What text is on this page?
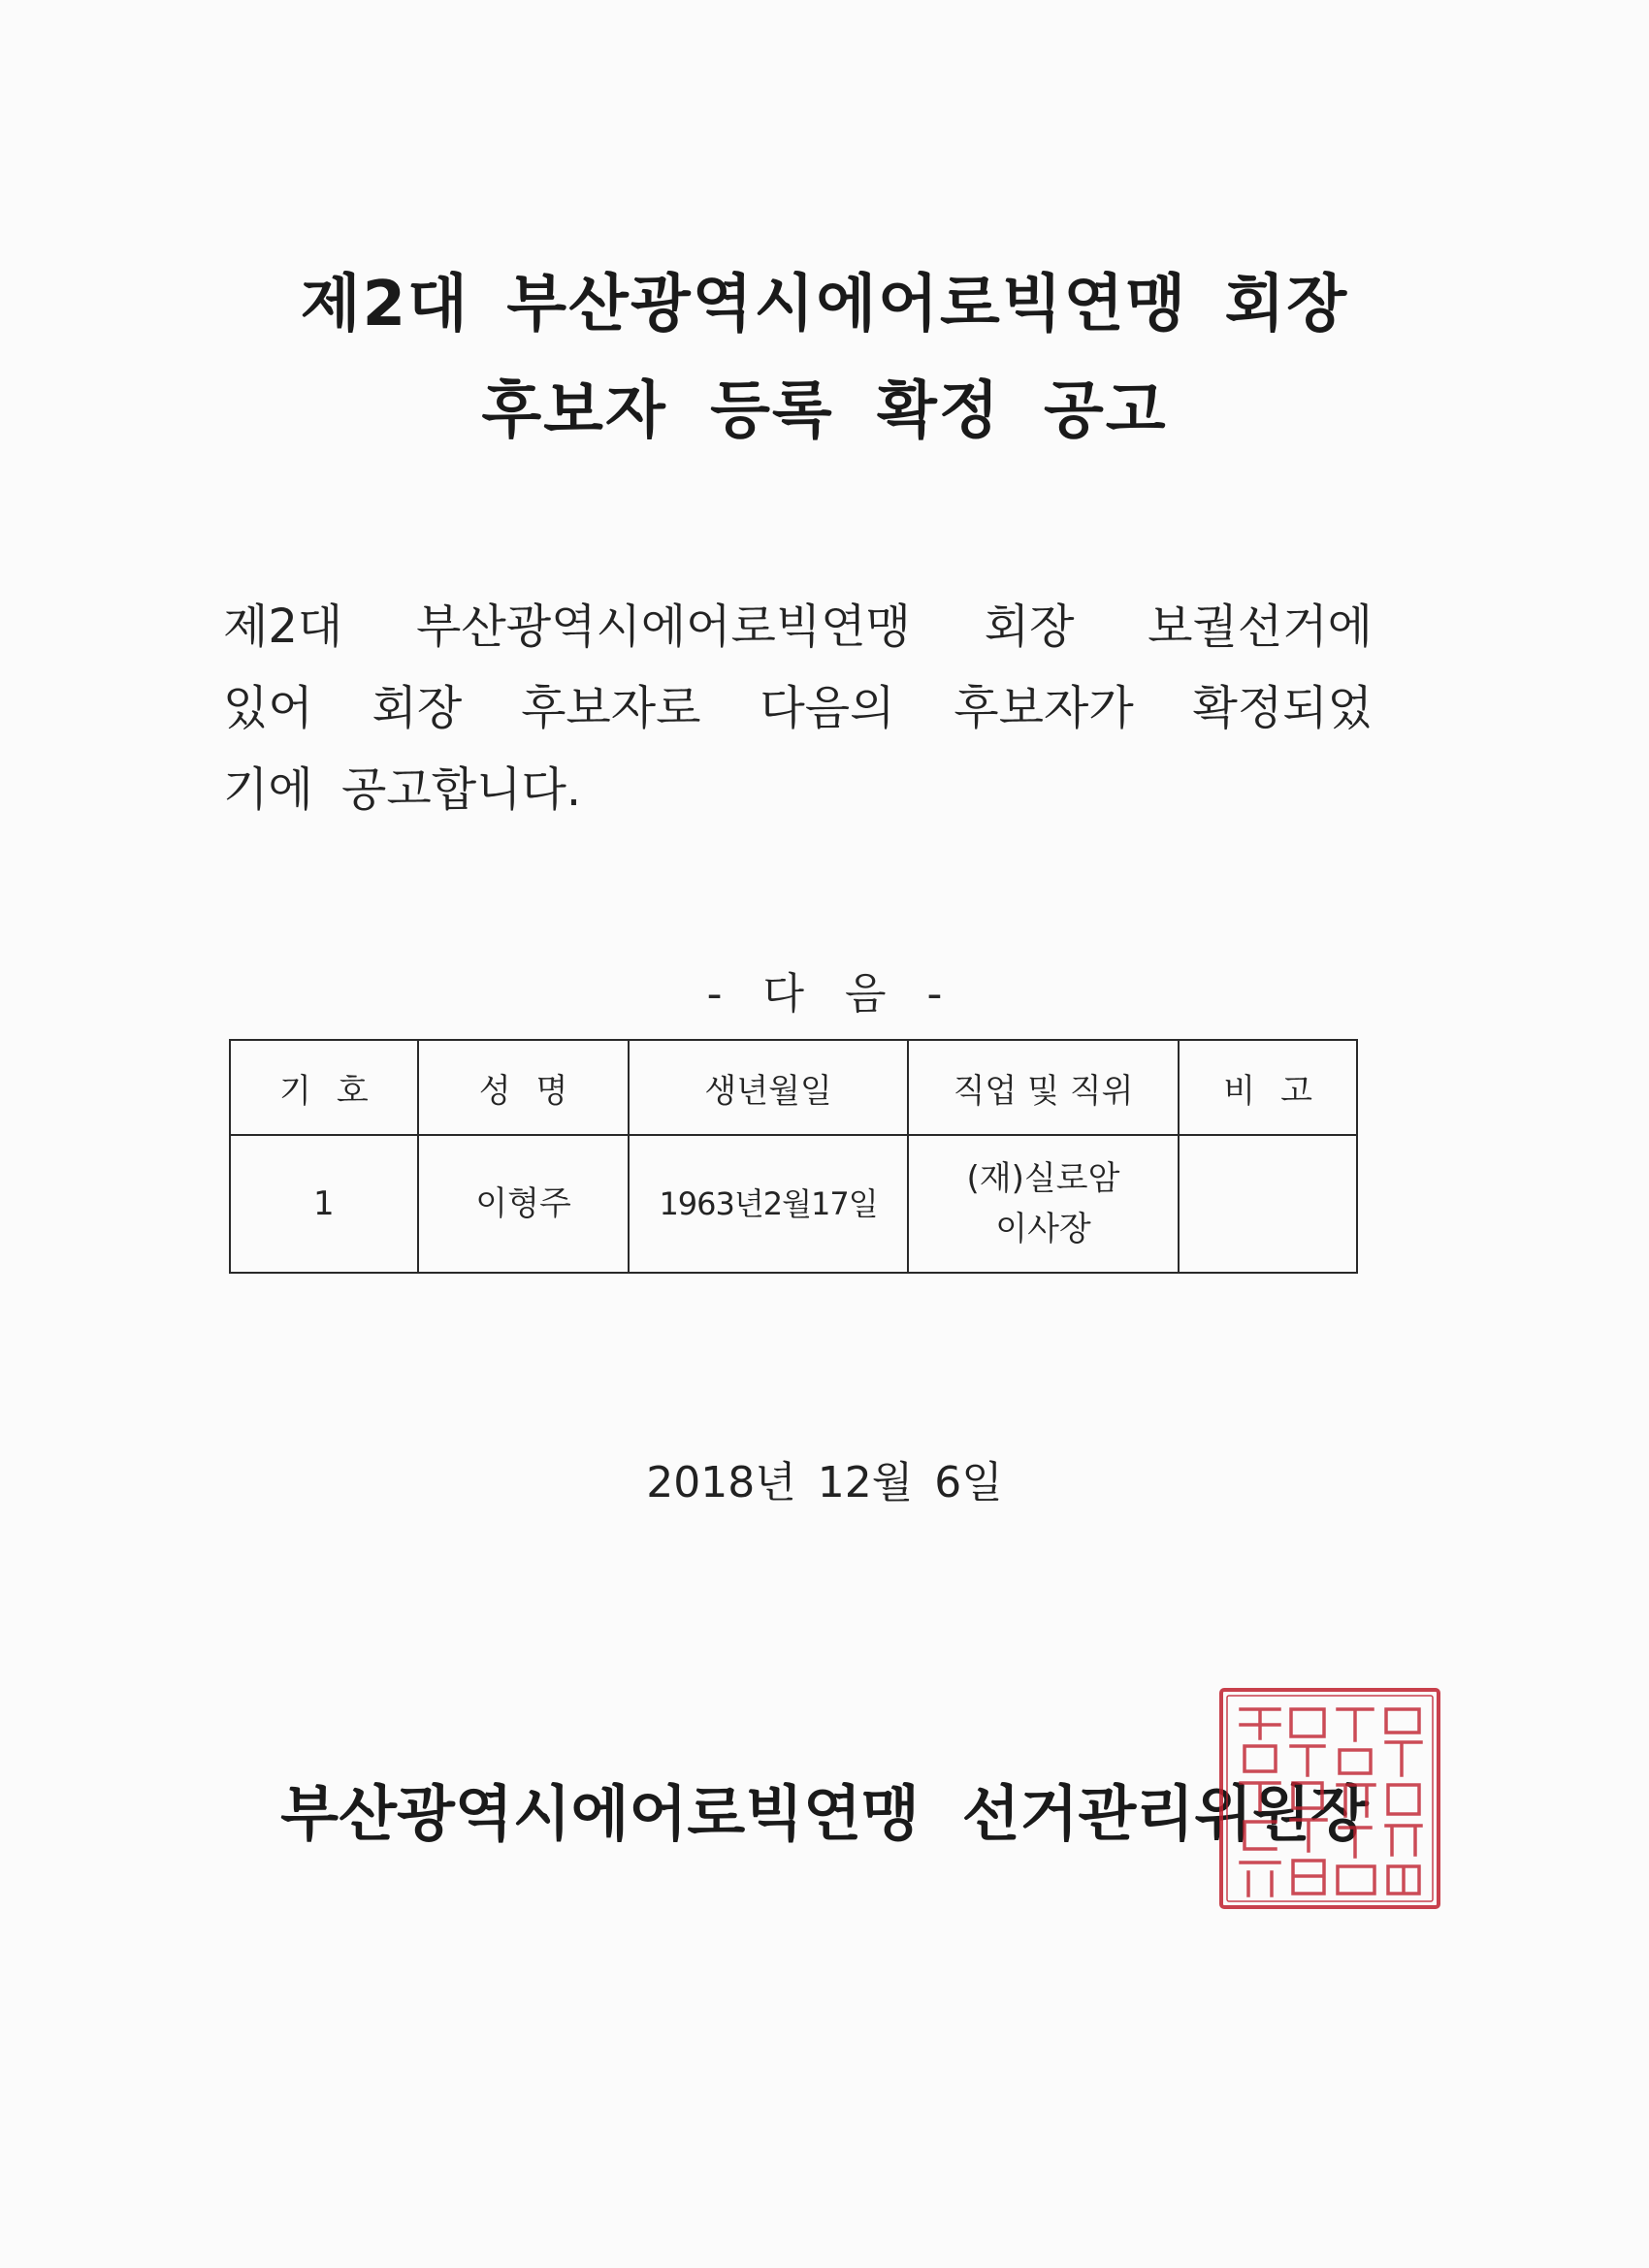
제2대 부산광역시에어로빅연맹 회장
후보자 등록 확정 공고
제2대 부산광역시에어로빅연맹 회장 보궐선거에
있어 회장 후보자로 다음의 후보자가 확정되었
기에 공고합니다.
- 다 음 -
기호	성명	생년월일	직업 및 직위	비고
1	이형주	1963년2월17일	(재)실로암
이사장	

2018년 12월 6일
부산광역시에어로빅연맹 선거관리위원장
